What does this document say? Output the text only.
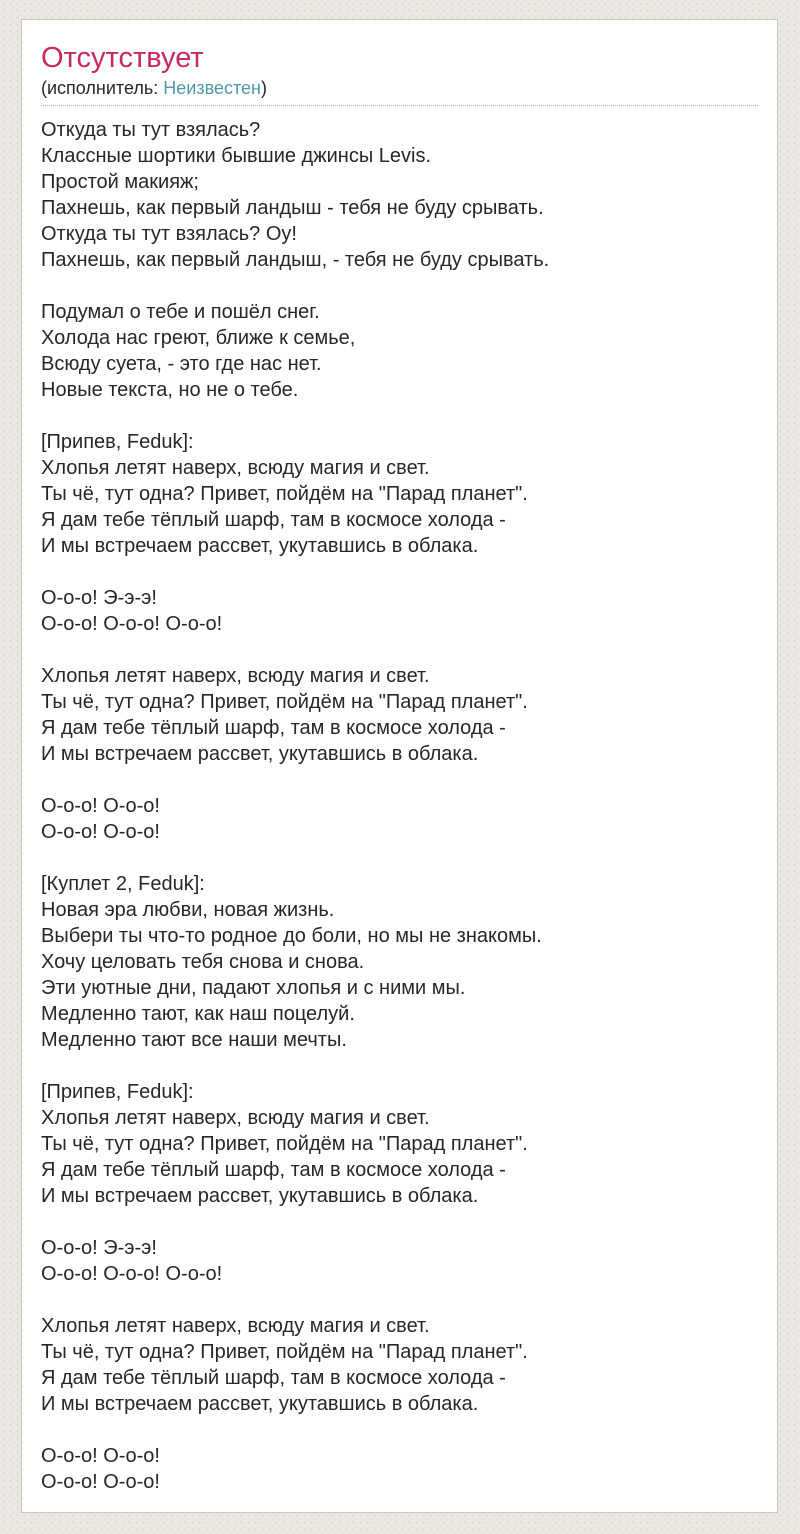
Отсутствует
(исполнитель: Неизвестен)
Откуда ты тут взялась?
Классные шортики бывшие джинсы Levis.
Простой макияж;
Пахнешь, как первый ландыш - тебя не буду срывать.
Откуда ты тут взялась? Оу!
Пахнешь, как первый ландыш, - тебя не буду срывать.

Подумал о тебе и пошёл снег.
Холода нас греют, ближе к семье,
Всюду суета, - это где нас нет.
Новые текста, но не о тебе.

[Припев, Feduk]:
Хлопья летят наверх, всюду магия и свет.
Ты чё, тут одна? Привет, пойдём на "Парад планет".
Я дам тебе тёплый шарф, там в космосе холода -
И мы встречаем рассвет, укутавшись в облака.

О-о-о! Э-э-э!
О-о-о! О-о-о! О-о-о!

Хлопья летят наверх, всюду магия и свет.
Ты чё, тут одна? Привет, пойдём на "Парад планет".
Я дам тебе тёплый шарф, там в космосе холода -
И мы встречаем рассвет, укутавшись в облака.

О-о-о! О-о-о!
О-о-о! О-о-о!

[Куплет 2, Feduk]:
Новая эра любви, новая жизнь.
Выбери ты что-то родное до боли, но мы не знакомы.
Хочу целовать тебя снова и снова.
Эти уютные дни, падают хлопья и с ними мы.
Медленно тают, как наш поцелуй.
Медленно тают все наши мечты.

[Припев, Feduk]:
Хлопья летят наверх, всюду магия и свет.
Ты чё, тут одна? Привет, пойдём на "Парад планет".
Я дам тебе тёплый шарф, там в космосе холода -
И мы встречаем рассвет, укутавшись в облака.

О-о-о! Э-э-э!
О-о-о! О-о-о! О-о-о!

Хлопья летят наверх, всюду магия и свет.
Ты чё, тут одна? Привет, пойдём на "Парад планет".
Я дам тебе тёплый шарф, там в космосе холода -
И мы встречаем рассвет, укутавшись в облака.

О-о-о! О-о-о!
О-о-о! О-о-о!
